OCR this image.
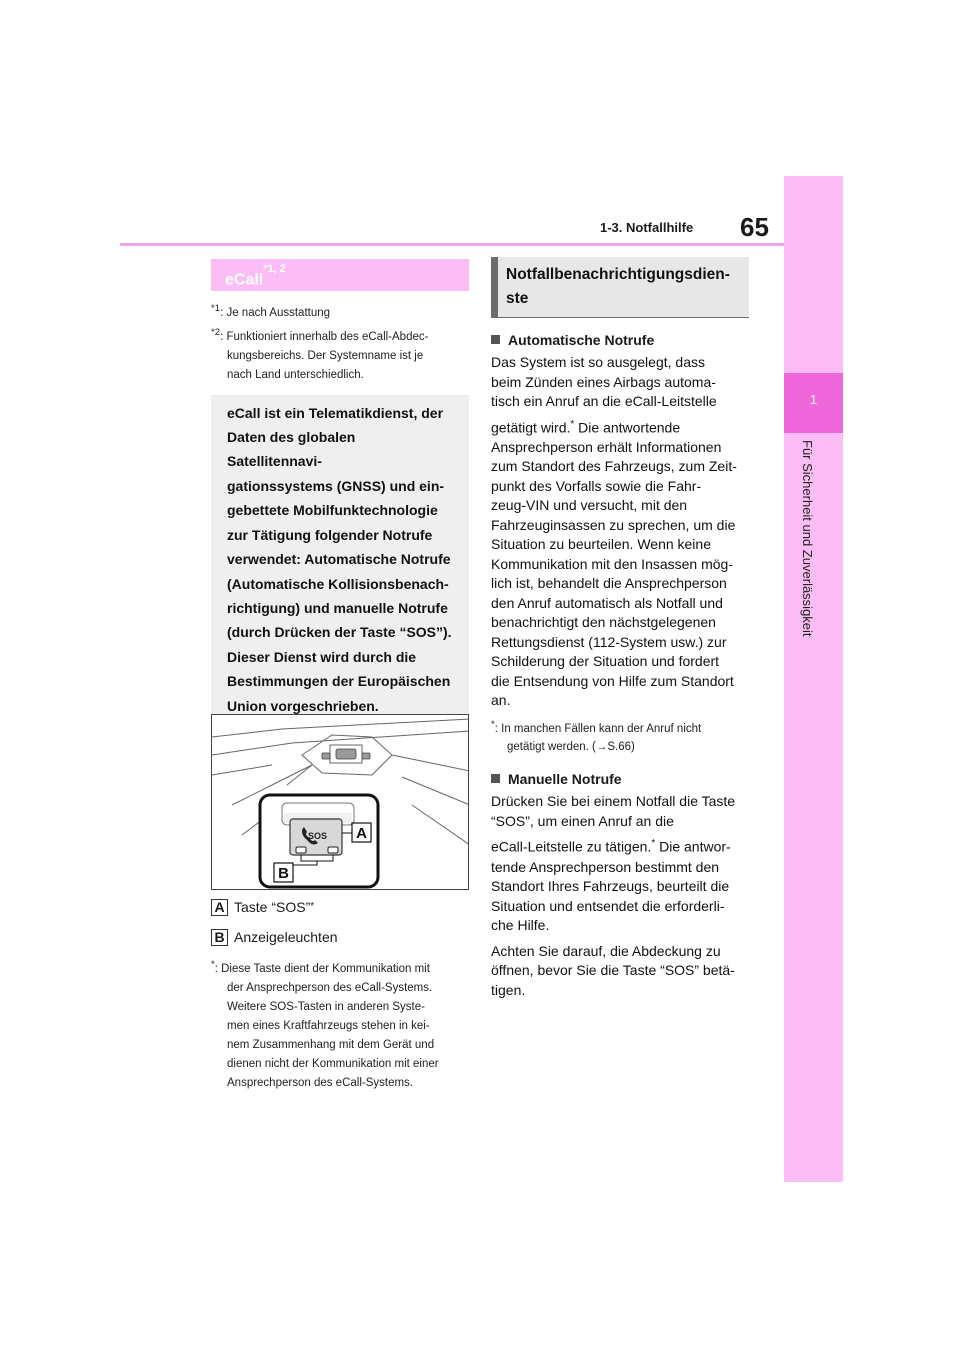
65
1-3. Notfallhilfe
1
Für Sicherheit und Zuverlässigkeit
eCall$^{*1, 2}$
$^{*1}$: Je nach Ausstattung
$^{*2}$: Funktioniert innerhalb des eCall-Abdec-
kungsbereichs. Der Systemname ist je
nach Land unterschiedlich.
eCall ist ein Telematikdienst, der
Daten des globalen Satellitennavi-
gationssystems (GNSS) und ein-
gebettete Mobilfunktechnologie
zur Tätigung folgender Notrufe
verwendet: Automatische Notrufe
(Automatische Kollisionsbenach-
richtigung) und manuelle Notrufe
(durch Drücken der Taste “SOS”).
Dieser Dienst wird durch die
Bestimmungen der Europäischen
Union vorgeschrieben.
SOS A
B
A Taste “SOS” *
B Anzeigeleuchten
*: Diese Taste dient der Kommunikation mit
der Ansprechperson des eCall-Systems.
Weitere SOS-Tasten in anderen Syste-
men eines Kraftfahrzeugs stehen in kei-
nem Zusammenhang mit dem Gerät und
dienen nicht der Kommunikation mit einer
Ansprechperson des eCall-Systems.
Notfallbenachrichtigungsdien-
ste
Automatische Notrufe
Das System ist so ausgelegt, dass
beim Zünden eines Airbags automa-
tisch ein Anruf an die eCall-Leitstelle
getätigt wird.* Die antwortende
Ansprechperson erhält Informationen
zum Standort des Fahrzeugs, zum Zeit-
punkt des Vorfalls sowie die Fahr-
zeug-VIN und versucht, mit den
Fahrzeuginsassen zu sprechen, um die
Situation zu beurteilen. Wenn keine
Kommunikation mit den Insassen mög-
lich ist, behandelt die Ansprechperson
den Anruf automatisch als Notfall und
benachrichtigt den nächstgelegenen
Rettungsdienst (112-System usw.) zur
Schilderung der Situation und fordert
die Entsendung von Hilfe zum Standort
an.
*: In manchen Fällen kann der Anruf nicht
getätigt werden. (→S.66)
Manuelle Notrufe
Drücken Sie bei einem Notfall die Taste
“SOS”, um einen Anruf an die
eCall-Leitstelle zu tätigen.* Die antwor-
tende Ansprechperson bestimmt den
Standort Ihres Fahrzeugs, beurteilt die
Situation und entsendet die erforderli-
che Hilfe.
Achten Sie darauf, die Abdeckung zu
öffnen, bevor Sie die Taste “SOS” betä-
tigen.
